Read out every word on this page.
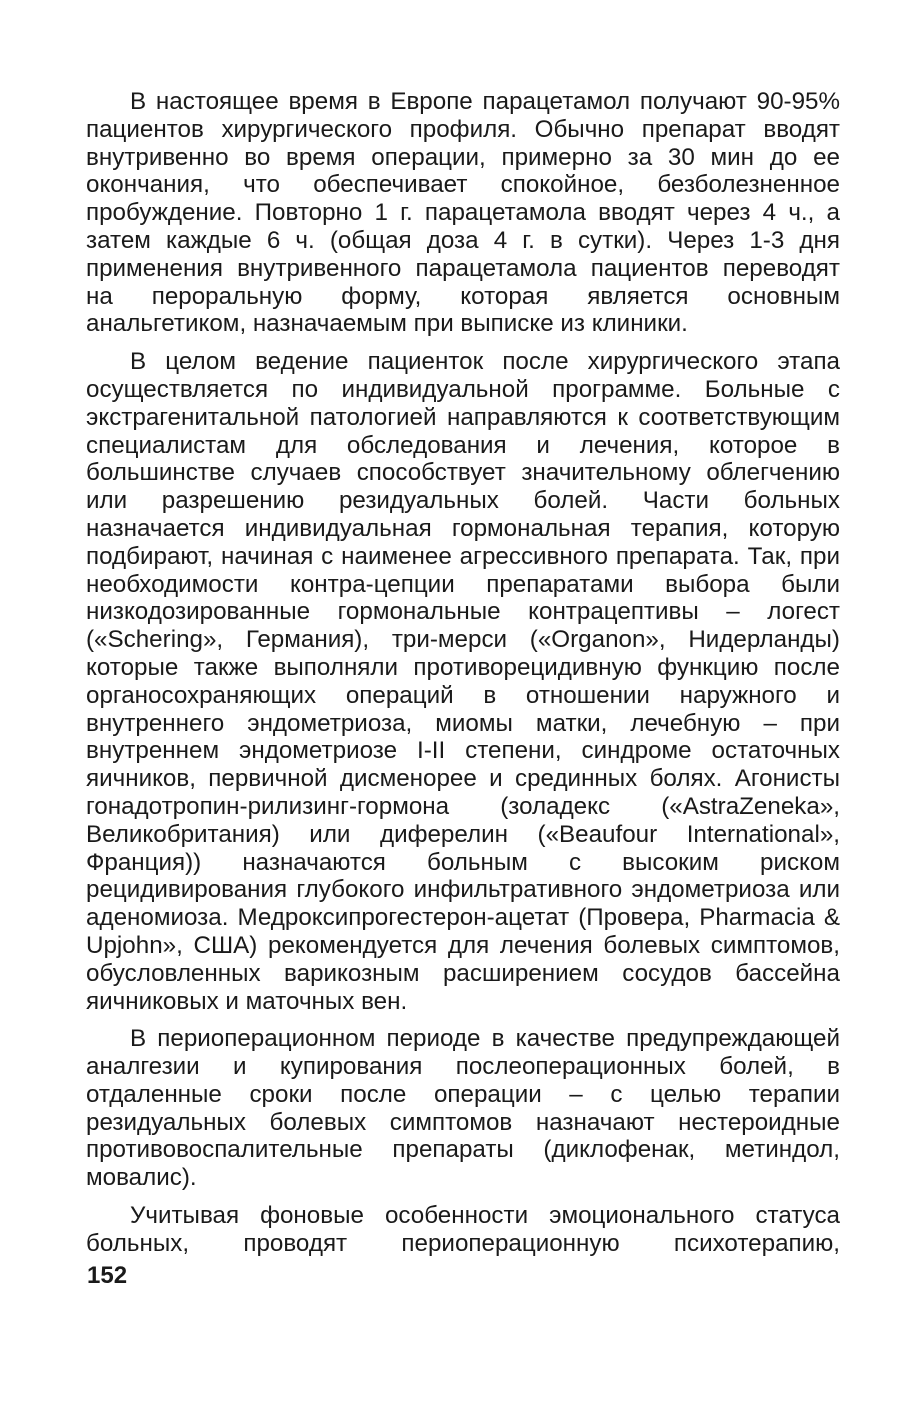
В настоящее время в Европе парацетамол получают 90-95% пациентов хирургического профиля. Обычно препарат вводят внутривенно во время операции, примерно за 30 мин до ее окончания, что обеспечивает спокойное, безболезненное пробуждение. Повторно 1 г. парацетамола вводят через 4 ч., а затем каждые 6 ч. (общая доза 4 г. в сутки). Через 1-3 дня применения внутривенного парацетамола пациентов переводят на пероральную форму, которая является основным анальгетиком, назначаемым при выписке из клиники.

В целом ведение пациенток после хирургического этапа осуществляется по индивидуальной программе. Больные с экстрагенитальной патологией направляются к соответствующим специалистам для обследования и лечения, которое в большинстве случаев способствует значительному облегчению или разрешению резидуальных болей. Части больных назначается индивидуальная гормональная терапия, которую подбирают, начиная с наименее агрессивного препарата. Так, при необходимости контра-цепции препаратами выбора были низкодозированные гормональные контрацептивы – логест («Schering», Германия), три-мерси («Organon», Нидерланды) которые также выполняли противорецидивную функцию после органосохраняющих операций в отношении наружного и внутреннего эндометриоза, миомы матки, лечебную – при внутреннем эндометриозе I-II степени, синдроме остаточных яичников, первичной дисменорее и срединных болях. Агонисты гонадотропин-рилизинг-гормона (золадекс («AstraZeneka», Великобритания) или диферелин («Beaufour International», Франция)) назначаются больным с высоким риском рецидивирования глубокого инфильтративного эндометриоза или аденомиоза. Медроксипрогестерон-ацетат (Провера, Pharmacia & Upjohn», США) рекомендуется для лечения болевых симптомов, обусловленных варикозным расширением сосудов бассейна яичниковых и маточных вен.

В периоперационном периоде в качестве предупреждающей аналгезии и купирования послеоперационных болей, в отдаленные сроки после операции – с целью терапии резидуальных болевых симптомов назначают нестероидные противовоспалительные препараты (диклофенак, метиндол, мовалис).

Учитывая фоновые особенности эмоционального статуса больных, проводят периоперационную психотерапию,

152
